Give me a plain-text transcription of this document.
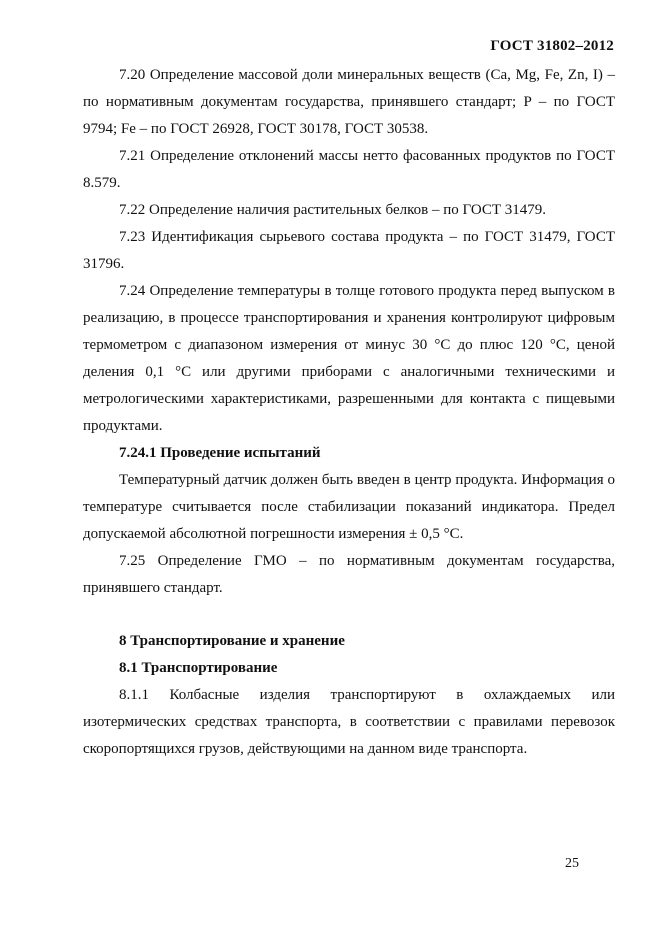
ГОСТ 31802–2012

7.20 Определение массовой доли минеральных веществ (Ca, Mg, Fe, Zn, I) – по нормативным документам государства, принявшего стандарт; P – по ГОСТ 9794; Fe – по ГОСТ 26928, ГОСТ 30178, ГОСТ 30538.

7.21 Определение отклонений массы нетто фасованных продуктов по ГОСТ 8.579.

7.22 Определение наличия растительных белков – по ГОСТ 31479.

7.23 Идентификация сырьевого состава продукта – по ГОСТ 31479, ГОСТ 31796.

7.24 Определение температуры в толще готового продукта перед выпуском в реализацию, в процессе транспортирования и хранения контролируют цифровым термометром с диапазоном измерения от минус 30 °С до плюс 120 °С, ценой деления 0,1 °С или другими приборами с аналогичными техническими и метрологическими характеристиками, разрешенными для контакта с пищевыми продуктами.

7.24.1 Проведение испытаний

Температурный датчик должен быть введен в центр продукта. Информация о температуре считывается после стабилизации показаний индикатора. Предел допускаемой абсолютной погрешности измерения ± 0,5 °С.

7.25 Определение ГМО – по нормативным документам государства, принявшего стандарт.

8 Транспортирование и хранение

8.1 Транспортирование

8.1.1 Колбасные изделия транспортируют в охлаждаемых или изотермических средствах транспорта, в соответствии с правилами перевозок скоропортящихся грузов, действующими на данном виде транспорта.

25
